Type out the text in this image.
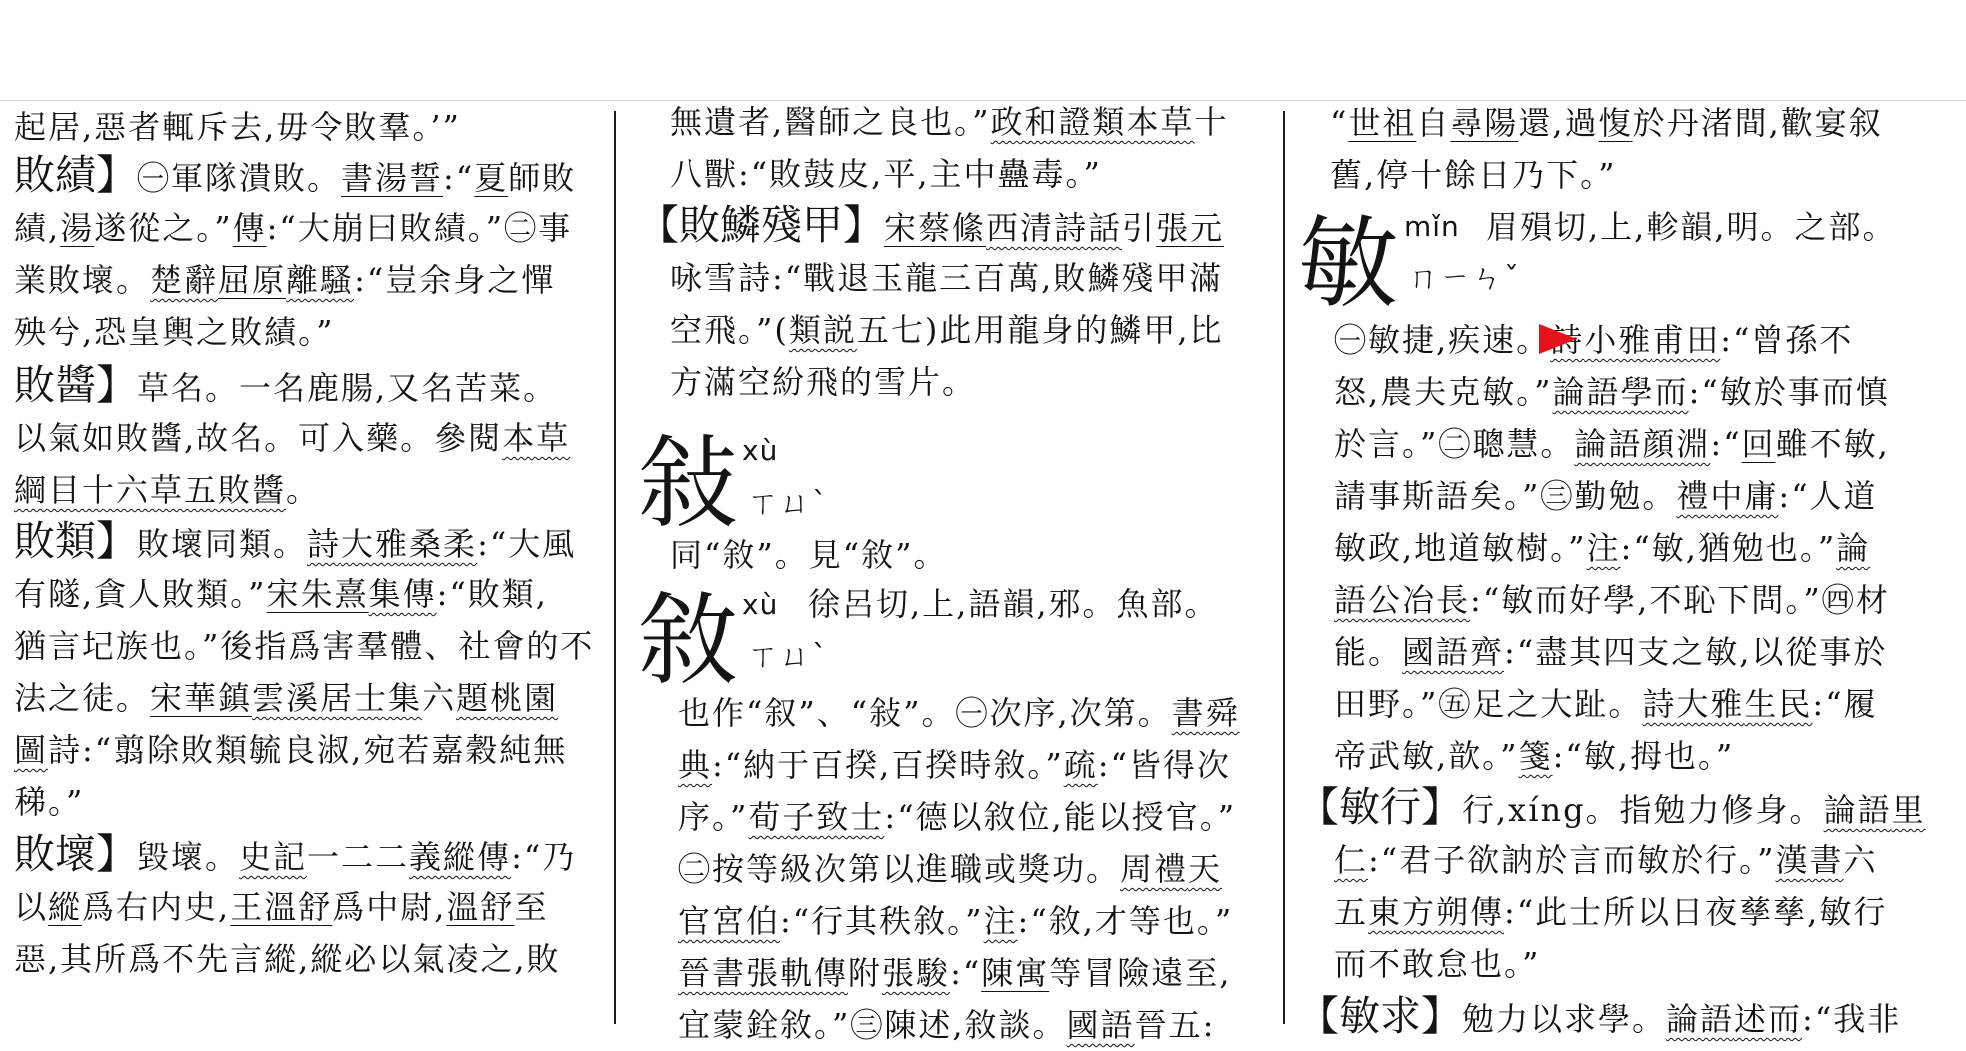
起居,惡者輒斥去,毋令敗羣。’”
敗績】㊀軍隊潰敗。書湯誓:“夏師敗
績,湯遂從之。”傳:“大崩曰敗績。”㊁事
業敗壞。楚辭屈原離騷:“豈余身之憚
殃兮,恐皇輿之敗績。”
敗醬】草名。一名鹿腸,又名苦菜。
以氣如敗醬,故名。可入藥。參閱本草
綱目十六草五敗醬。
敗類】敗壞同類。詩大雅桑柔:“大風
有隧,貪人敗類。”宋朱熹集傳:“敗類,
猶言圮族也。”後指爲害羣體、社會的不
法之徒。宋華鎮雲溪居士集六題桃園
圖詩:“翦除敗類毓良淑,宛若嘉穀純無
稊。”
敗壞】毀壞。史記一二二義縱傳:“乃
以縱爲右内史,王溫舒爲中尉,溫舒至
惡,其所爲不先言縱,縱必以氣凌之,敗
無遺者,醫師之良也。”政和證類本草十
八獸:“敗鼓皮,平,主中蠱毒。”
【敗鱗殘甲】宋蔡絛西清詩話引張元
咏雪詩:“戰退玉龍三百萬,敗鱗殘甲滿
空飛。”(類説五七)此用龍身的鱗甲,比
方滿空紛飛的雪片。
敍 xù
ㄒㄩˋ
同“敘”。見“敘”。
敘 xù 徐呂切,上,語韻,邪。魚部。
ㄒㄩˋ
也作“叙”、“敍”。㊀次序,次第。書舜
典:“納于百揆,百揆時敘。”疏:“皆得次
序。”荀子致士:“德以敘位,能以授官。”
㊁按等級次第以進職或獎功。周禮天
官宮伯:“行其秩敘。”注:“敘,才等也。”
晉書張軌傳附張駿:“陳寓等冒險遠至,
宜蒙銓敘。”㊂陳述,敘談。國語晉五:
“世祖自尋陽還,過愎於丹渚間,歡宴叙
舊,停十餘日乃下。”
敏 mǐn 眉殞切,上,軫韻,明。之部。
ㄇㄧㄣˇ
㊀敏捷,疾速。詩小雅甫田:“曾孫不
怒,農夫克敏。”論語學而:“敏於事而慎
於言。”㊁聰慧。論語顔淵:“回雖不敏,
請事斯語矣。”㊂勤勉。禮中庸:“人道
敏政,地道敏樹。”注:“敏,猶勉也。”論
語公冶長:“敏而好學,不恥下問。”㊃材
能。國語齊:“盡其四支之敏,以從事於
田野。”㊄足之大趾。詩大雅生民:“履
帝武敏,歆。”箋:“敏,拇也。”
【敏行】行,xíng。指勉力修身。論語里
仁:“君子欲訥於言而敏於行。”漢書六
五東方朔傳:“此士所以日夜孳孳,敏行
而不敢怠也。”
【敏求】勉力以求學。論語述而:“我非
